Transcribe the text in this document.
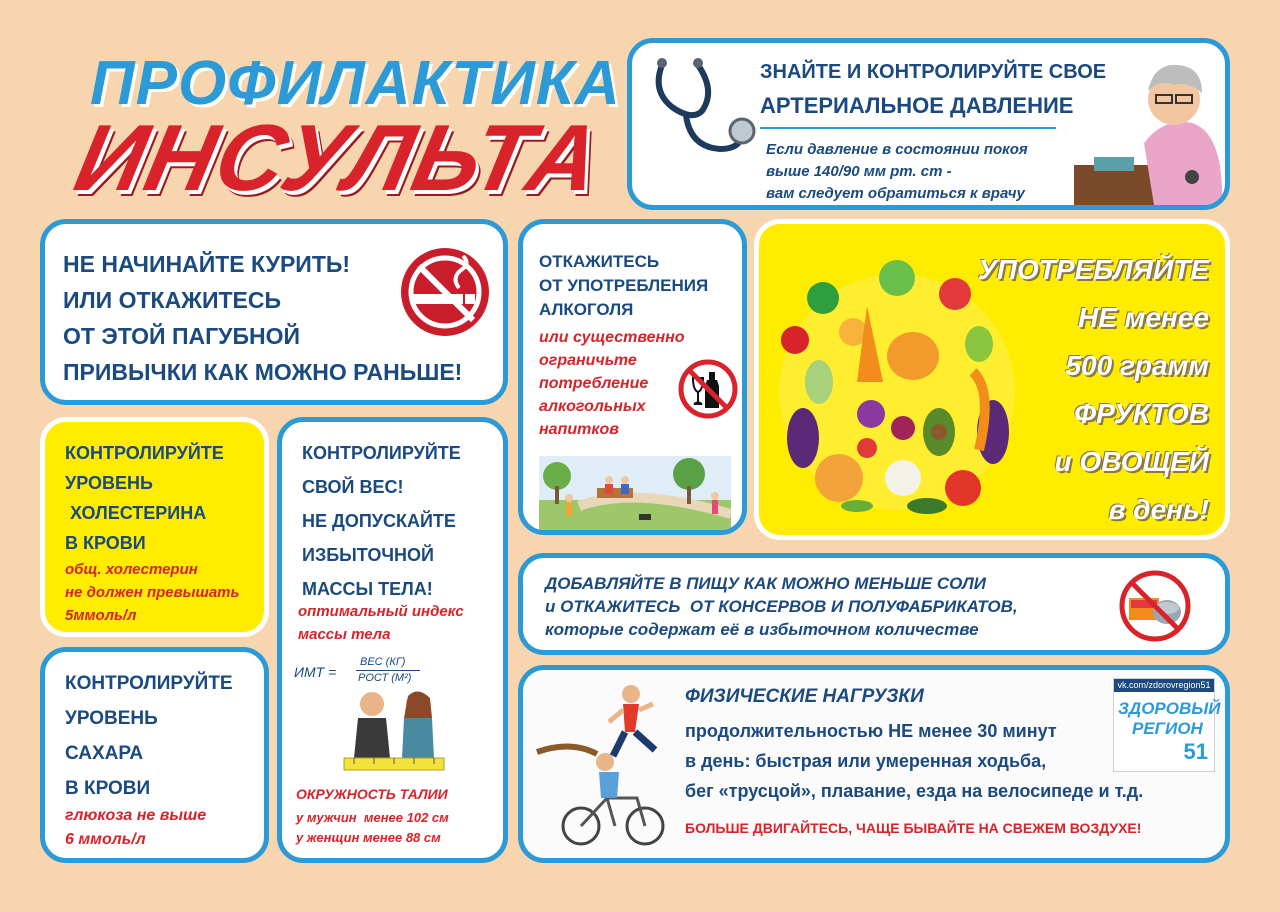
ПРОФИЛАКТИКА
ИНСУЛЬТА
ЗНАЙТЕ И КОНТРОЛИРУЙТЕ СВОЕ
АРТЕРИАЛЬНОЕ ДАВЛЕНИЕ
Если давление в состоянии покоя
выше 140/90 мм рт. ст -
вам следует обратиться к врачу
НЕ НАЧИНАЙТЕ КУРИТЬ!
ИЛИ ОТКАЖИТЕСЬ
ОТ ЭТОЙ ПАГУБНОЙ
ПРИВЫЧКИ КАК МОЖНО РАНЬШЕ!
ОТКАЖИТЕСЬ
ОТ УПОТРЕБЛЕНИЯ
АЛКОГОЛЯ
или существенно
ограничьте
потребление
алкогольных
напитков
УПОТРЕБЛЯЙТЕ
НЕ менее
500 грамм
ФРУКТОВ
и ОВОЩЕЙ
в день!
КОНТРОЛИРУЙТЕ
УРОВЕНЬ
ХОЛЕСТЕРИНА
В КРОВИ
общ. холестерин
не должен превышать
5ммоль/л
КОНТРОЛИРУЙТЕ
СВОЙ ВЕС!
НЕ ДОПУСКАЙТЕ
ИЗБЫТОЧНОЙ
МАССЫ ТЕЛА!
оптимальный индекс
массы тела
ИМТ =
ВЕС (КГ)
РОСТ (М²)
ОКРУЖНОСТЬ ТАЛИИ
у мужчин  менее 102 см
у женщин менее 88 см
КОНТРОЛИРУЙТЕ
УРОВЕНЬ
САХАРА
В КРОВИ
глюкоза не выше
6 ммоль/л
ДОБАВЛЯЙТЕ В ПИЩУ КАК МОЖНО МЕНЬШЕ СОЛИ
и ОТКАЖИТЕСЬ  ОТ КОНСЕРВОВ И ПОЛУФАБРИКАТОВ,
которые содержат её в избыточном количестве
ФИЗИЧЕСКИЕ НАГРУЗКИ
продолжительностью НЕ менее 30 минут
в день: быстрая или умеренная ходьба,
бег «трусцой», плавание, езда на велосипеде и т.д.
БОЛЬШЕ ДВИГАЙТЕСЬ, ЧАЩЕ БЫВАЙТЕ НА СВЕЖЕМ ВОЗДУХЕ!
vk.com/zdorovregion51
ЗДОРОВЫЙ
РЕГИОН
51
